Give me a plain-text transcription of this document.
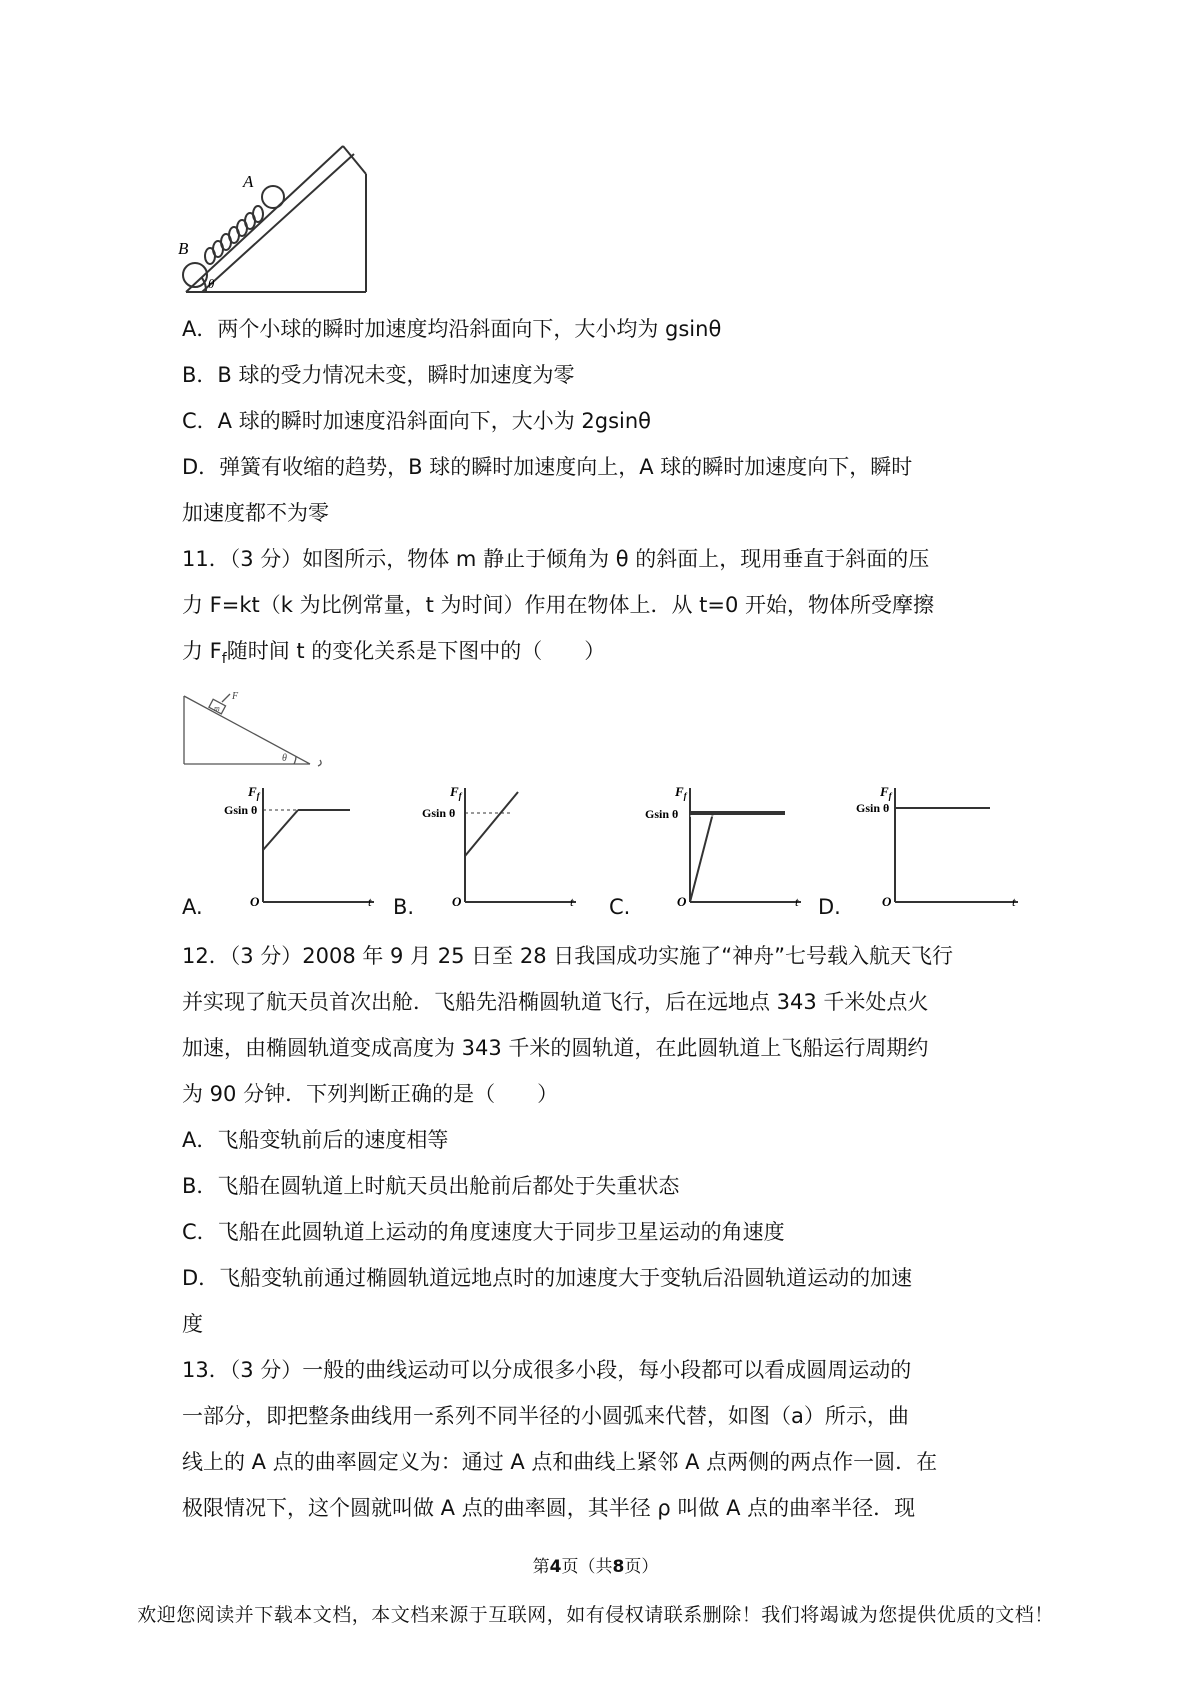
A
B
θ
A．两个小球的瞬时加速度均沿斜面向下，大小均为 gsinθ
B．B 球的受力情况未变，瞬时加速度为零
C．A 球的瞬时加速度沿斜面向下，大小为 2gsinθ
D．弹簧有收缩的趋势，B 球的瞬时加速度向上，A 球的瞬时加速度向下，瞬时
加速度都不为零
11．（3 分）如图所示，物体 m 静止于倾角为 θ 的斜面上，现用垂直于斜面的压
力 F=kt（k 为比例常量，t 为时间）作用在物体上．从 t=0 开始，物体所受摩擦
力 $F_f$随时间 t 的变化关系是下图中的（　　）
F
m
θ
$F_f$
Gsin θ
O	t
A.
$F_f$
Gsin θ
O	t
B.
$F_f$
Gsin θ
O	t
C.
$F_f$
Gsin θ
O	t
D.
12．（3 分）2008 年 9 月 25 日至 28 日我国成功实施了“神舟”七号载入航天飞行
并实现了航天员首次出舱．飞船先沿椭圆轨道飞行，后在远地点 343 千米处点火
加速，由椭圆轨道变成高度为 343 千米的圆轨道，在此圆轨道上飞船运行周期约
为 90 分钟．下列判断正确的是（　　）
A．飞船变轨前后的速度相等
B．飞船在圆轨道上时航天员出舱前后都处于失重状态
C．飞船在此圆轨道上运动的角度速度大于同步卫星运动的角速度
D．飞船变轨前通过椭圆轨道远地点时的加速度大于变轨后沿圆轨道运动的加速
度
13．（3 分）一般的曲线运动可以分成很多小段，每小段都可以看成圆周运动的
一部分，即把整条曲线用一系列不同半径的小圆弧来代替，如图（a）所示，曲
线上的 A 点的曲率圆定义为：通过 A 点和曲线上紧邻 A 点两侧的两点作一圆．在
极限情况下，这个圆就叫做 A 点的曲率圆，其半径 ρ 叫做 A 点的曲率半径．现
第4页（共8页）
欢迎您阅读并下载本文档，本文档来源于互联网，如有侵权请联系删除！我们将竭诚为您提供优质的文档！
